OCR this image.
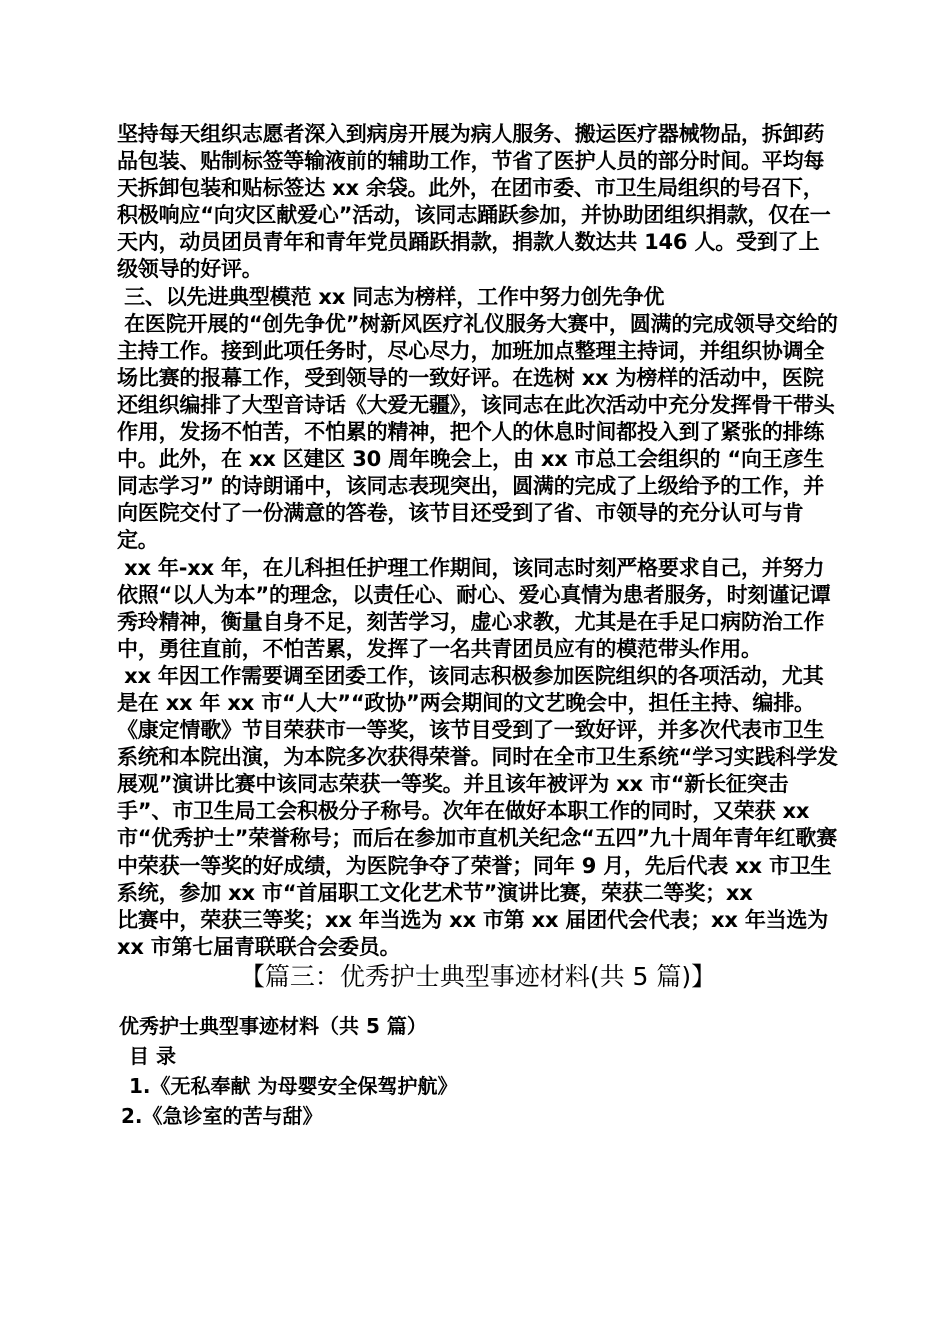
坚持每天组织志愿者深入到病房开展为病人服务、搬运医疗器械物品，拆卸药品包装、贴制标签等输液前的辅助工作，节省了医护人员的部分时间。平均每天拆卸包装和贴标签达 xx 余袋。此外，在团市委、市卫生局组织的号召下，积极响应“向灾区献爱心”活动，该同志踊跃参加，并协助团组织捐款，仅在一天内，动员团员青年和青年党员踊跃捐款，捐款人数达共 146 人。受到了上级领导的好评。

三、以先进典型模范 xx 同志为榜样，工作中努力创先争优

在医院开展的“创先争优”树新风医疗礼仪服务大赛中，圆满的完成领导交给的主持工作。接到此项任务时，尽心尽力，加班加点整理主持词，并组织协调全场比赛的报幕工作，受到领导的一致好评。在选树 xx 为榜样的活动中，医院还组织编排了大型音诗话《大爱无疆》，该同志在此次活动中充分发挥骨干带头作用，发扬不怕苦，不怕累的精神，把个人的休息时间都投入到了紧张的排练中。此外，在 xx 区建区 30 周年晚会上，由 xx 市总工会组织的 “向王彦生同志学习” 的诗朗诵中，该同志表现突出，圆满的完成了上级给予的工作，并向医院交付了一份满意的答卷，该节目还受到了省、市领导的充分认可与肯定。

xx 年-xx 年，在儿科担任护理工作期间，该同志时刻严格要求自己，并努力依照“以人为本”的理念，以责任心、耐心、爱心真情为患者服务，时刻谨记谭秀玲精神，衡量自身不足，刻苦学习，虚心求教，尤其是在手足口病防治工作中，勇往直前，不怕苦累，发挥了一名共青团员应有的模范带头作用。

xx 年因工作需要调至团委工作，该同志积极参加医院组织的各项活动，尤其是在 xx 年 xx 市“人大”“政协”两会期间的文艺晚会中，担任主持、编排。《康定情歌》节目荣获市一等奖，该节目受到了一致好评，并多次代表市卫生系统和本院出演，为本院多次获得荣誉。同时在全市卫生系统“学习实践科学发展观”演讲比赛中该同志荣获一等奖。并且该年被评为 xx 市“新长征突击手”、市卫生局工会积极分子称号。次年在做好本职工作的同时，又荣获 xx 市“优秀护士”荣誉称号；而后在参加市直机关纪念“五四”九十周年青年红歌赛中荣获一等奖的好成绩，为医院争夺了荣誉；同年 9 月，先后代表 xx 市卫生系统，参加 xx 市“首届职工文化艺术节”演讲比赛，荣获二等奖；xx

比赛中，荣获三等奖；xx 年当选为 xx 市第 xx 届团代会代表；xx 年当选为 xx 市第七届青联联合会委员。

【篇三：优秀护士典型事迹材料(共 5 篇)】

优秀护士典型事迹材料（共 5 篇）

目 录

1.《无私奉献 为母婴安全保驾护航》

2.《急诊室的苦与甜》
